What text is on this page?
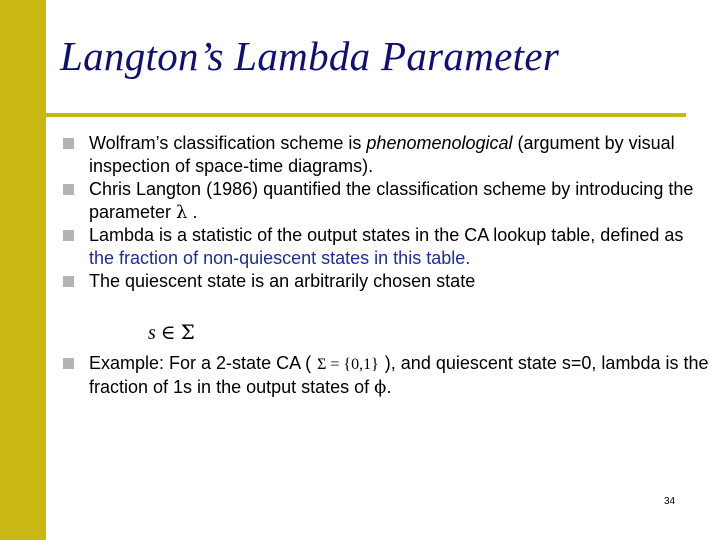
Langton’s Lambda Parameter
Wolfram’s classification scheme is phenomenological (argument by visual inspection of space-time diagrams).
Chris Langton (1986) quantified the classification scheme by introducing the parameter λ .
Lambda is a statistic of the output states in the CA lookup table, defined as the fraction of non-quiescent states in this table.
The quiescent state is an arbitrarily chosen state
s ∈ Σ
Example: For a 2-state CA ( Σ = {0,1} ), and quiescent state s=0, lambda is the fraction of 1s in the output states of ϕ.
34
